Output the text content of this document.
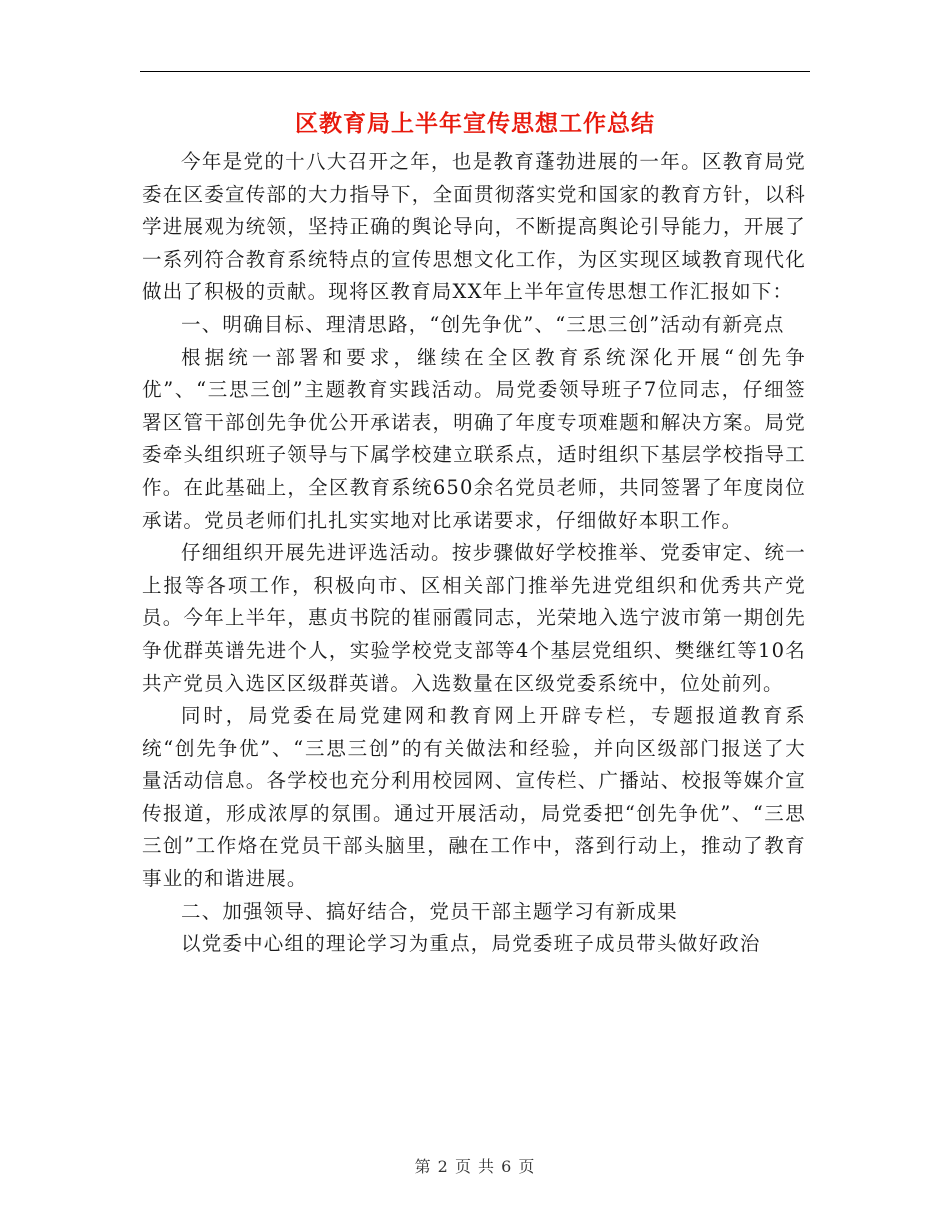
区教育局上半年宣传思想工作总结

今年是党的十八大召开之年，也是教育蓬勃进展的一年。区教育局党委在区委宣传部的大力指导下，全面贯彻落实党和国家的教育方针，以科学进展观为统领，坚持正确的舆论导向，不断提高舆论引导能力，开展了一系列符合教育系统特点的宣传思想文化工作，为区实现区域教育现代化做出了积极的贡献。现将区教育局XX年上半年宣传思想工作汇报如下：

一、明确目标、理清思路，“创先争优”、“三思三创”活动有新亮点

根据统一部署和要求，继续在全区教育系统深化开展“创先争优”、“三思三创”主题教育实践活动。局党委领导班子7位同志，仔细签署区管干部创先争优公开承诺表，明确了年度专项难题和解决方案。局党委牵头组织班子领导与下属学校建立联系点，适时组织下基层学校指导工作。在此基础上，全区教育系统650余名党员老师，共同签署了年度岗位承诺。党员老师们扎扎实实地对比承诺要求，仔细做好本职工作。

仔细组织开展先进评选活动。按步骤做好学校推举、党委审定、统一上报等各项工作，积极向市、区相关部门推举先进党组织和优秀共产党员。今年上半年，惠贞书院的崔丽霞同志，光荣地入选宁波市第一期创先争优群英谱先进个人，实验学校党支部等4个基层党组织、樊继红等10名共产党员入选区区级群英谱。入选数量在区级党委系统中，位处前列。

同时，局党委在局党建网和教育网上开辟专栏，专题报道教育系统“创先争优”、“三思三创”的有关做法和经验，并向区级部门报送了大量活动信息。各学校也充分利用校园网、宣传栏、广播站、校报等媒介宣传报道，形成浓厚的氛围。通过开展活动，局党委把“创先争优”、“三思三创”工作烙在党员干部头脑里，融在工作中，落到行动上，推动了教育事业的和谐进展。

二、加强领导、搞好结合，党员干部主题学习有新成果

以党委中心组的理论学习为重点，局党委班子成员带头做好政治

第 2 页 共 6 页
